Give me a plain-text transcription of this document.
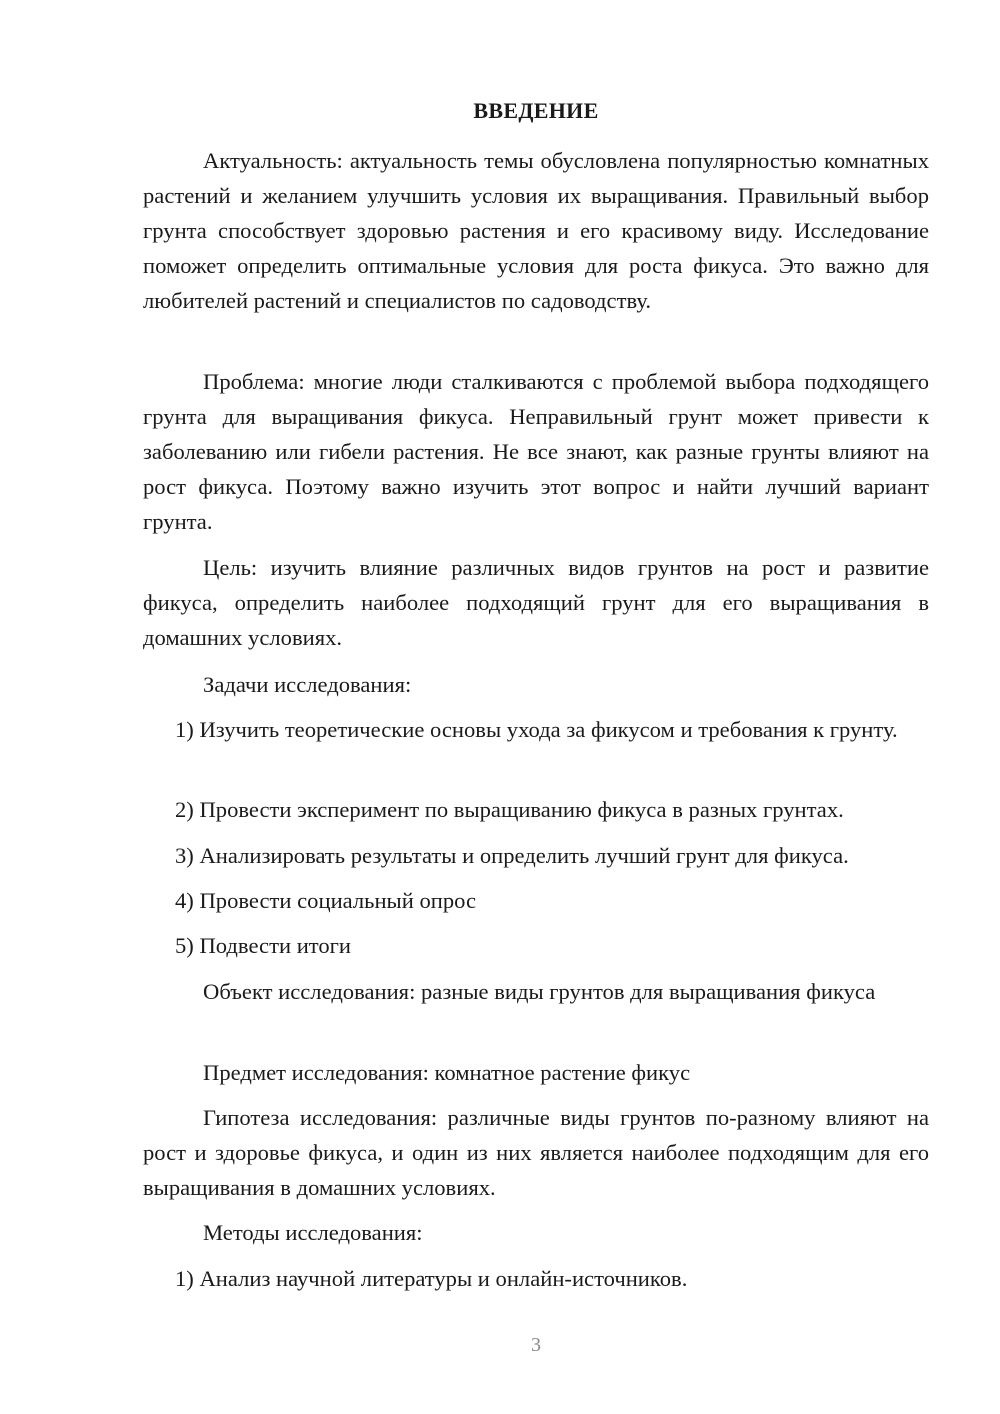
ВВЕДЕНИЕ

Актуальность: актуальность темы обусловлена популярностью комнатных растений и желанием улучшить условия их выращивания. Правильный выбор грунта способствует здоровью растения и его красивому виду. Исследование поможет определить оптимальные условия для роста фикуса. Это важно для любителей растений и специалистов по садоводству.

Проблема: многие люди сталкиваются с проблемой выбора подходящего грунта для выращивания фикуса. Неправильный грунт может привести к заболеванию или гибели растения. Не все знают, как разные грунты влияют на рост фикуса. Поэтому важно изучить этот вопрос и найти лучший вариант грунта.

Цель: изучить влияние различных видов грунтов на рост и развитие фикуса, определить наиболее подходящий грунт для его выращивания в домашних условиях.

Задачи исследования:

1) Изучить теоретические основы ухода за фикусом и требования к грунту.

2) Провести эксперимент по выращиванию фикуса в разных грунтах.

3) Анализировать результаты и определить лучший грунт для фикуса.

4) Провести социальный опрос

5) Подвести итоги

Объект исследования: разные виды грунтов для выращивания фикуса

Предмет исследования: комнатное растение фикус

Гипотеза исследования: различные виды грунтов по-разному влияют на рост и здоровье фикуса, и один из них является наиболее подходящим для его выращивания в домашних условиях.

Методы исследования:

1) Анализ научной литературы и онлайн-источников.

3
